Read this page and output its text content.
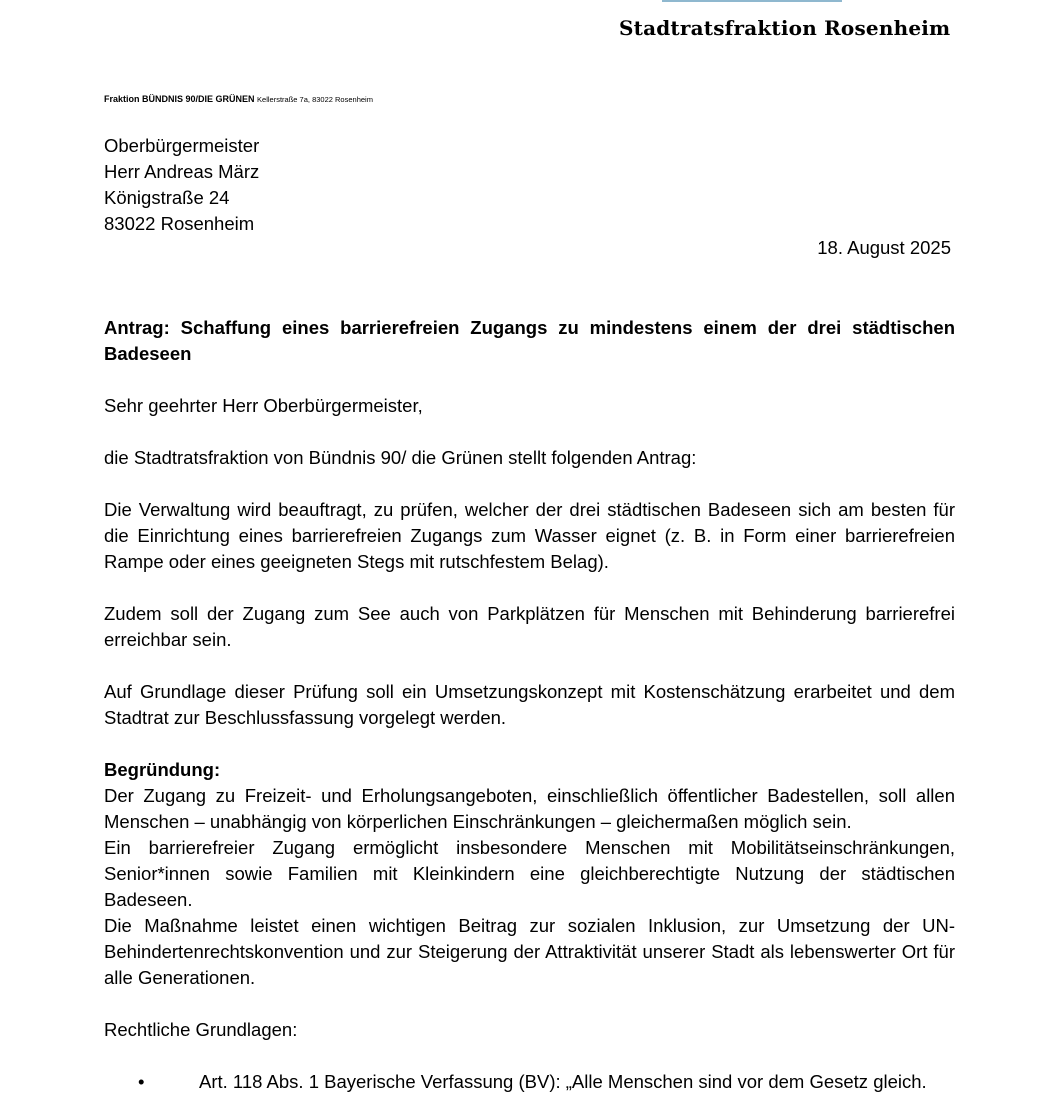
Stadtratsfraktion Rosenheim
Fraktion BÜNDNIS 90/DIE GRÜNEN Kellerstraße 7a, 83022 Rosenheim
Oberbürgermeister
Herr Andreas März
Königstraße 24
83022 Rosenheim
18. August 2025

Antrag: Schaffung eines barrierefreien Zugangs zu mindestens einem der drei städtischen Badeseen

Sehr geehrter Herr Oberbürgermeister,

die Stadtratsfraktion von Bündnis 90/ die Grünen stellt folgenden Antrag:

Die Verwaltung wird beauftragt, zu prüfen, welcher der drei städtischen Badeseen sich am besten für die Einrichtung eines barrierefreien Zugangs zum Wasser eignet (z. B. in Form einer barrierefreien Rampe oder eines geeigneten Stegs mit rutschfestem Belag).

Zudem soll der Zugang zum See auch von Parkplätzen für Menschen mit Behinderung barrierefrei erreichbar sein.

Auf Grundlage dieser Prüfung soll ein Umsetzungskonzept mit Kostenschätzung erarbeitet und dem Stadtrat zur Beschlussfassung vorgelegt werden.

Begründung:

Der Zugang zu Freizeit- und Erholungsangeboten, einschließlich öffentlicher Badestellen, soll allen Menschen – unabhängig von körperlichen Einschränkungen – gleichermaßen möglich sein.

Ein barrierefreier Zugang ermöglicht insbesondere Menschen mit Mobilitätseinschränkungen, Senior*innen sowie Familien mit Kleinkindern eine gleichberechtigte Nutzung der städtischen Badeseen.

Die Maßnahme leistet einen wichtigen Beitrag zur sozialen Inklusion, zur Umsetzung der UN-Behindertenrechtskonvention und zur Steigerung der Attraktivität unserer Stadt als lebenswerter Ort für alle Generationen.

Rechtliche Grundlagen:

•	Art. 118 Abs. 1 Bayerische Verfassung (BV): „Alle Menschen sind vor dem Gesetz gleich.
